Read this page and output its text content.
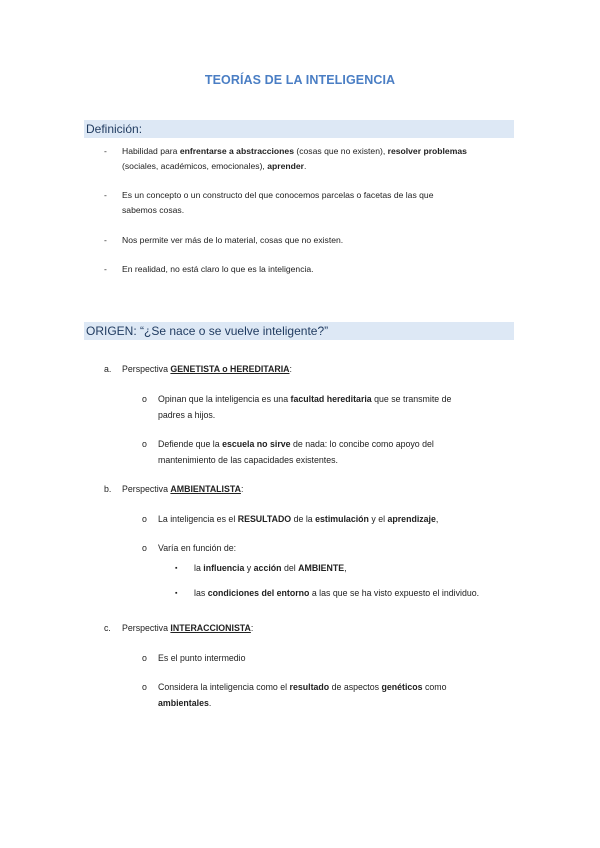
TEORÍAS DE LA INTELIGENCIA
Definición:
- Habilidad para enfrentarse a abstracciones (cosas que no existen), resolver problemas
(sociales, académicos, emocionales), aprender.
- Es un concepto o un constructo del que conocemos parcelas o facetas de las que
sabemos cosas.
- Nos permite ver más de lo material, cosas que no existen.
- En realidad, no está claro lo que es la inteligencia.
ORIGEN: “¿Se nace o se vuelve inteligente?”
a. Perspectiva GENETISTA o HEREDITARIA:
o Opinan que la inteligencia es una facultad hereditaria que se transmite de
padres a hijos.
o Defiende que la escuela no sirve de nada: lo concibe como apoyo del
mantenimiento de las capacidades existentes.
b. Perspectiva AMBIENTALISTA:
o La inteligencia es el RESULTADO de la estimulación y el aprendizaje,
o Varía en función de:
▪ la influencia y acción del AMBIENTE,
▪ las condiciones del entorno a las que se ha visto expuesto el individuo.
c. Perspectiva INTERACCIONISTA:
o Es el punto intermedio
o Considera la inteligencia como el resultado de aspectos genéticos como
ambientales.
